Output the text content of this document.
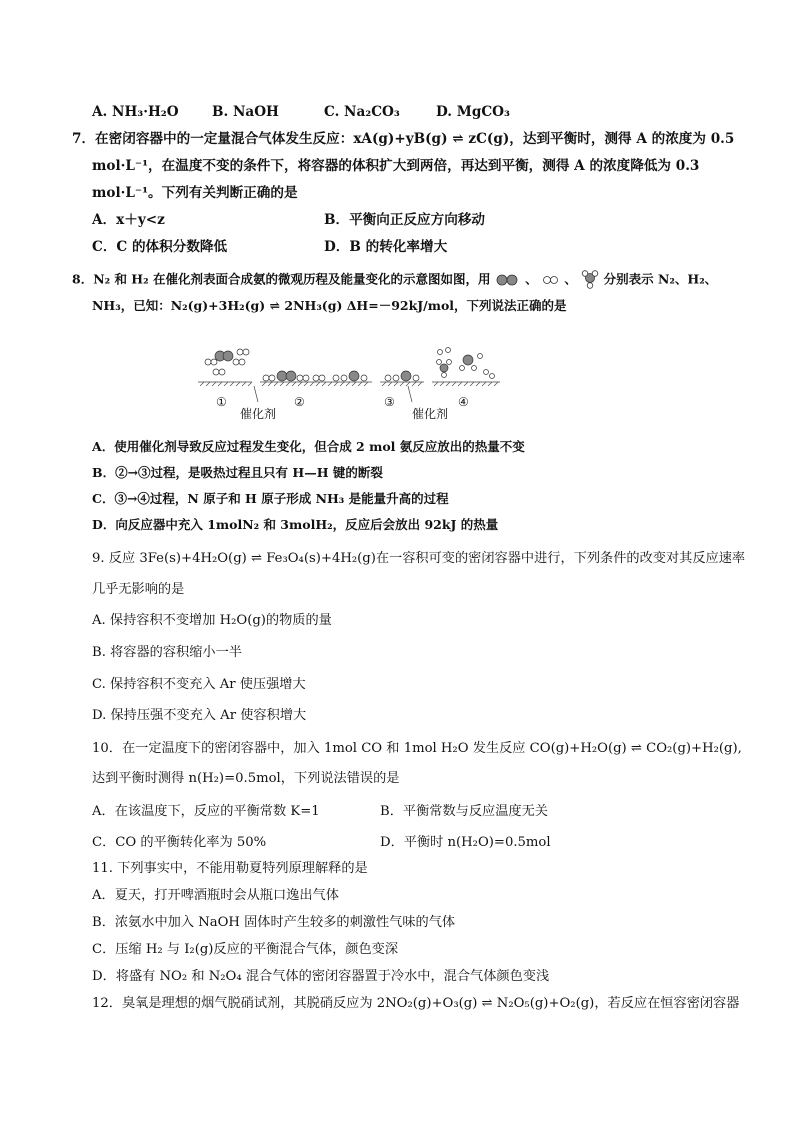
A. NH₃·H₂O B. NaOH	C. Na₂CO₃	D. MgCO₃
7．在密闭容器中的一定量混合气体发生反应：xA(g)+yB(g) ⇌ zC(g)，达到平衡时，测得 A 的浓度为 0.5
mol·L⁻¹，在温度不变的条件下，将容器的体积扩大到两倍，再达到平衡，测得 A 的浓度降低为 0.3
mol·L⁻¹。下列有关判断正确的是
A．x＋y<z	B．平衡向正反应方向移动
C．C 的体积分数降低	D．B 的转化率增大
8．N₂ 和 H₂ 在催化剂表面合成氨的微观历程及能量变化的示意图如图，用	、 、 分别表示 N₂、H₂、
NH₃，已知：N₂(g)+3H₂(g) ⇌ 2NH₃(g) ΔH=－92kJ/mol，下列说法正确的是
①
催化剂
②	③
催化剂
④
A．使用催化剂导致反应过程发生变化，但合成 2 mol 氨反应放出的热量不变
B．②→③过程，是吸热过程且只有 H—H 键的断裂
C．③→④过程，N 原子和 H 原子形成 NH₃ 是能量升高的过程
D．向反应器中充入 1molN₂ 和 3molH₂，反应后会放出 92kJ 的热量
9. 反应 3Fe(s)+4H₂O(g) ⇌ Fe₃O₄(s)+4H₂(g)在一容积可变的密闭容器中进行，下列条件的改变对其反应速率
几乎无影响的是
A. 保持容积不变增加 H₂O(g)的物质的量
B. 将容器的容积缩小一半
C. 保持容积不变充入 Ar 使压强增大
D. 保持压强不变充入 Ar 使容积增大
10．在一定温度下的密闭容器中，加入 1mol CO 和 1mol H₂O 发生反应 CO(g)+H₂O(g) ⇌ CO₂(g)+H₂(g),
达到平衡时测得 n(H₂)=0.5mol，下列说法错误的是
A．在该温度下，反应的平衡常数 K=1	B．平衡常数与反应温度无关
C．CO 的平衡转化率为 50%	D．平衡时 n(H₂O)=0.5mol
11. 下列事实中，不能用勒夏特列原理解释的是
A．夏天，打开啤酒瓶时会从瓶口逸出气体
B．浓氨水中加入 NaOH 固体时产生较多的刺激性气味的气体
C．压缩 H₂ 与 I₂(g)反应的平衡混合气体，颜色变深
D．将盛有 NO₂ 和 N₂O₄ 混合气体的密闭容器置于冷水中，混合气体颜色变浅
12．臭氧是理想的烟气脱硝试剂，其脱硝反应为 2NO₂(g)+O₃(g) ⇌ N₂O₅(g)+O₂(g)，若反应在恒容密闭容器
